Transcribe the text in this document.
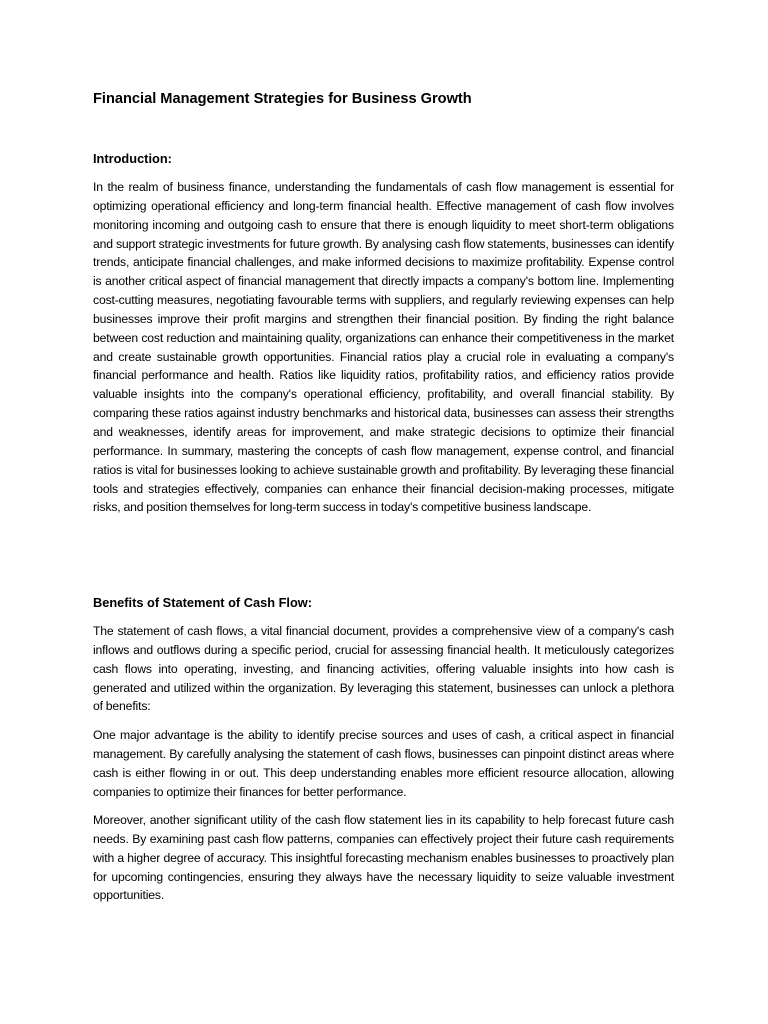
Financial Management Strategies for Business Growth
Introduction:

In the realm of business finance, understanding the fundamentals of cash flow management is essential for optimizing operational efficiency and long-term financial health. Effective management of cash flow involves monitoring incoming and outgoing cash to ensure that there is enough liquidity to meet short-term obligations and support strategic investments for future growth. By analysing cash flow statements, businesses can identify trends, anticipate financial challenges, and make informed decisions to maximize profitability. Expense control is another critical aspect of financial management that directly impacts a company's bottom line. Implementing cost-cutting measures, negotiating favourable terms with suppliers, and regularly reviewing expenses can help businesses improve their profit margins and strengthen their financial position. By finding the right balance between cost reduction and maintaining quality, organizations can enhance their competitiveness in the market and create sustainable growth opportunities. Financial ratios play a crucial role in evaluating a company's financial performance and health. Ratios like liquidity ratios, profitability ratios, and efficiency ratios provide valuable insights into the company's operational efficiency, profitability, and overall financial stability. By comparing these ratios against industry benchmarks and historical data, businesses can assess their strengths and weaknesses, identify areas for improvement, and make strategic decisions to optimize their financial performance. In summary, mastering the concepts of cash flow management, expense control, and financial ratios is vital for businesses looking to achieve sustainable growth and profitability. By leveraging these financial tools and strategies effectively, companies can enhance their financial decision-making processes, mitigate risks, and position themselves for long-term success in today's competitive business landscape.

Benefits of Statement of Cash Flow:

The statement of cash flows, a vital financial document, provides a comprehensive view of a company's cash inflows and outflows during a specific period, crucial for assessing financial health. It meticulously categorizes cash flows into operating, investing, and financing activities, offering valuable insights into how cash is generated and utilized within the organization. By leveraging this statement, businesses can unlock a plethora of benefits:

One major advantage is the ability to identify precise sources and uses of cash, a critical aspect in financial management. By carefully analysing the statement of cash flows, businesses can pinpoint distinct areas where cash is either flowing in or out. This deep understanding enables more efficient resource allocation, allowing companies to optimize their finances for better performance.

Moreover, another significant utility of the cash flow statement lies in its capability to help forecast future cash needs. By examining past cash flow patterns, companies can effectively project their future cash requirements with a higher degree of accuracy. This insightful forecasting mechanism enables businesses to proactively plan for upcoming contingencies, ensuring they always have the necessary liquidity to seize valuable investment opportunities.
